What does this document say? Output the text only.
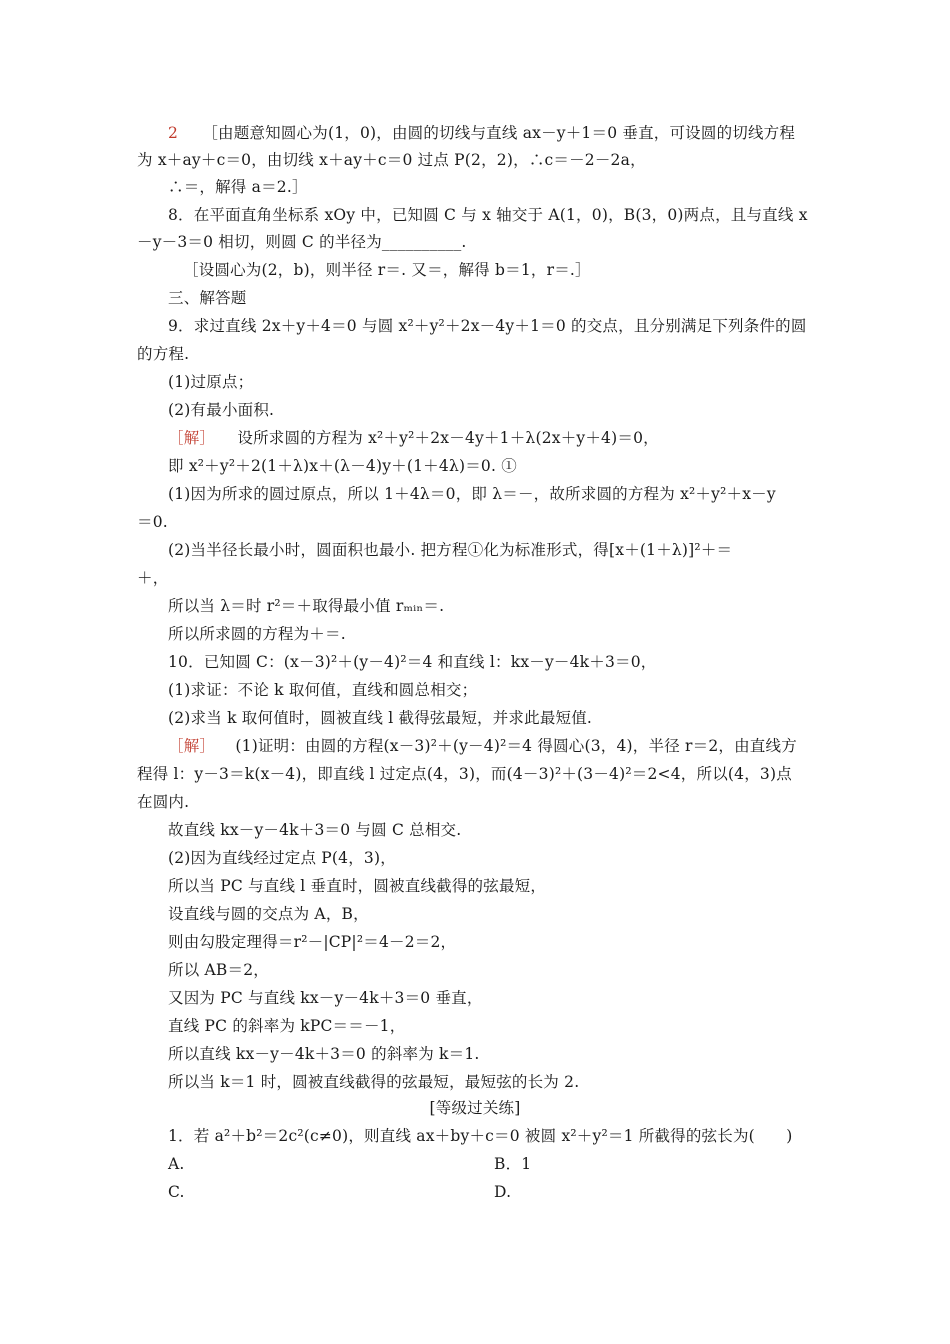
2 ［由题意知圆心为(1，0)，由圆的切线与直线 ax－y＋1＝0 垂直，可设圆的切线方程
为 x＋ay＋c＝0，由切线 x＋ay＋c＝0 过点 P(2，2)，∴c＝－2－2a，
∴＝，解得 a＝2.］
8．在平面直角坐标系 xOy 中，已知圆 C 与 x 轴交于 A(1，0)，B(3，0)两点，且与直线 x
－y－3＝0 相切，则圆 C 的半径为__________.
［设圆心为(2，b)，则半径 r＝. 又＝，解得 b＝1，r＝.］
三、解答题
9．求过直线 2x＋y＋4＝0 与圆 x²＋y²＋2x－4y＋1＝0 的交点，且分别满足下列条件的圆
的方程.
(1)过原点；
(2)有最小面积.
［解］ 设所求圆的方程为 x²＋y²＋2x－4y＋1＋λ(2x＋y＋4)＝0，
即 x²＋y²＋2(1＋λ)x＋(λ－4)y＋(1＋4λ)＝0. ①
(1)因为所求的圆过原点，所以 1＋4λ＝0，即 λ＝－，故所求圆的方程为 x²＋y²＋x－y
＝0.
(2)当半径长最小时，圆面积也最小. 把方程①化为标准形式，得[x＋(1＋λ)]²＋＝
＋，
所以当 λ＝时 r²＝＋取得最小值 rₘᵢₙ＝.
所以所求圆的方程为＋＝.
10．已知圆 C：(x－3)²＋(y－4)²＝4 和直线 l：kx－y－4k＋3＝0，
(1)求证：不论 k 取何值，直线和圆总相交；
(2)求当 k 取何值时，圆被直线 l 截得弦最短，并求此最短值.
［解］ (1)证明：由圆的方程(x－3)²＋(y－4)²＝4 得圆心(3，4)，半径 r＝2，由直线方
程得 l：y－3＝k(x－4)，即直线 l 过定点(4，3)，而(4－3)²＋(3－4)²＝2<4，所以(4，3)点
在圆内.
故直线 kx－y－4k＋3＝0 与圆 C 总相交.
(2)因为直线经过定点 P(4，3)，
所以当 PC 与直线 l 垂直时，圆被直线截得的弦最短，
设直线与圆的交点为 A，B，
则由勾股定理得＝r²－|CP|²＝4－2＝2，
所以 AB＝2，
又因为 PC 与直线 kx－y－4k＋3＝0 垂直，
直线 PC 的斜率为 kPC＝＝－1，
所以直线 kx－y－4k＋3＝0 的斜率为 k＝1.
所以当 k＝1 时，圆被直线截得的弦最短，最短弦的长为 2.
[等级过关练]
1．若 a²＋b²＝2c²(c≠0)，则直线 ax＋by＋c＝0 被圆 x²＋y²＝1 所截得的弦长为(　　)
A.	B．1
C.	D.
